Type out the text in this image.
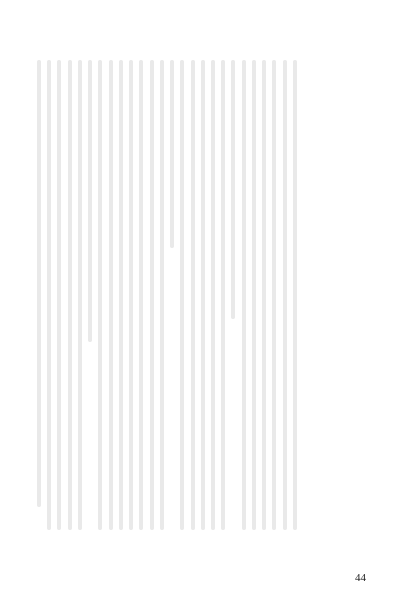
44
